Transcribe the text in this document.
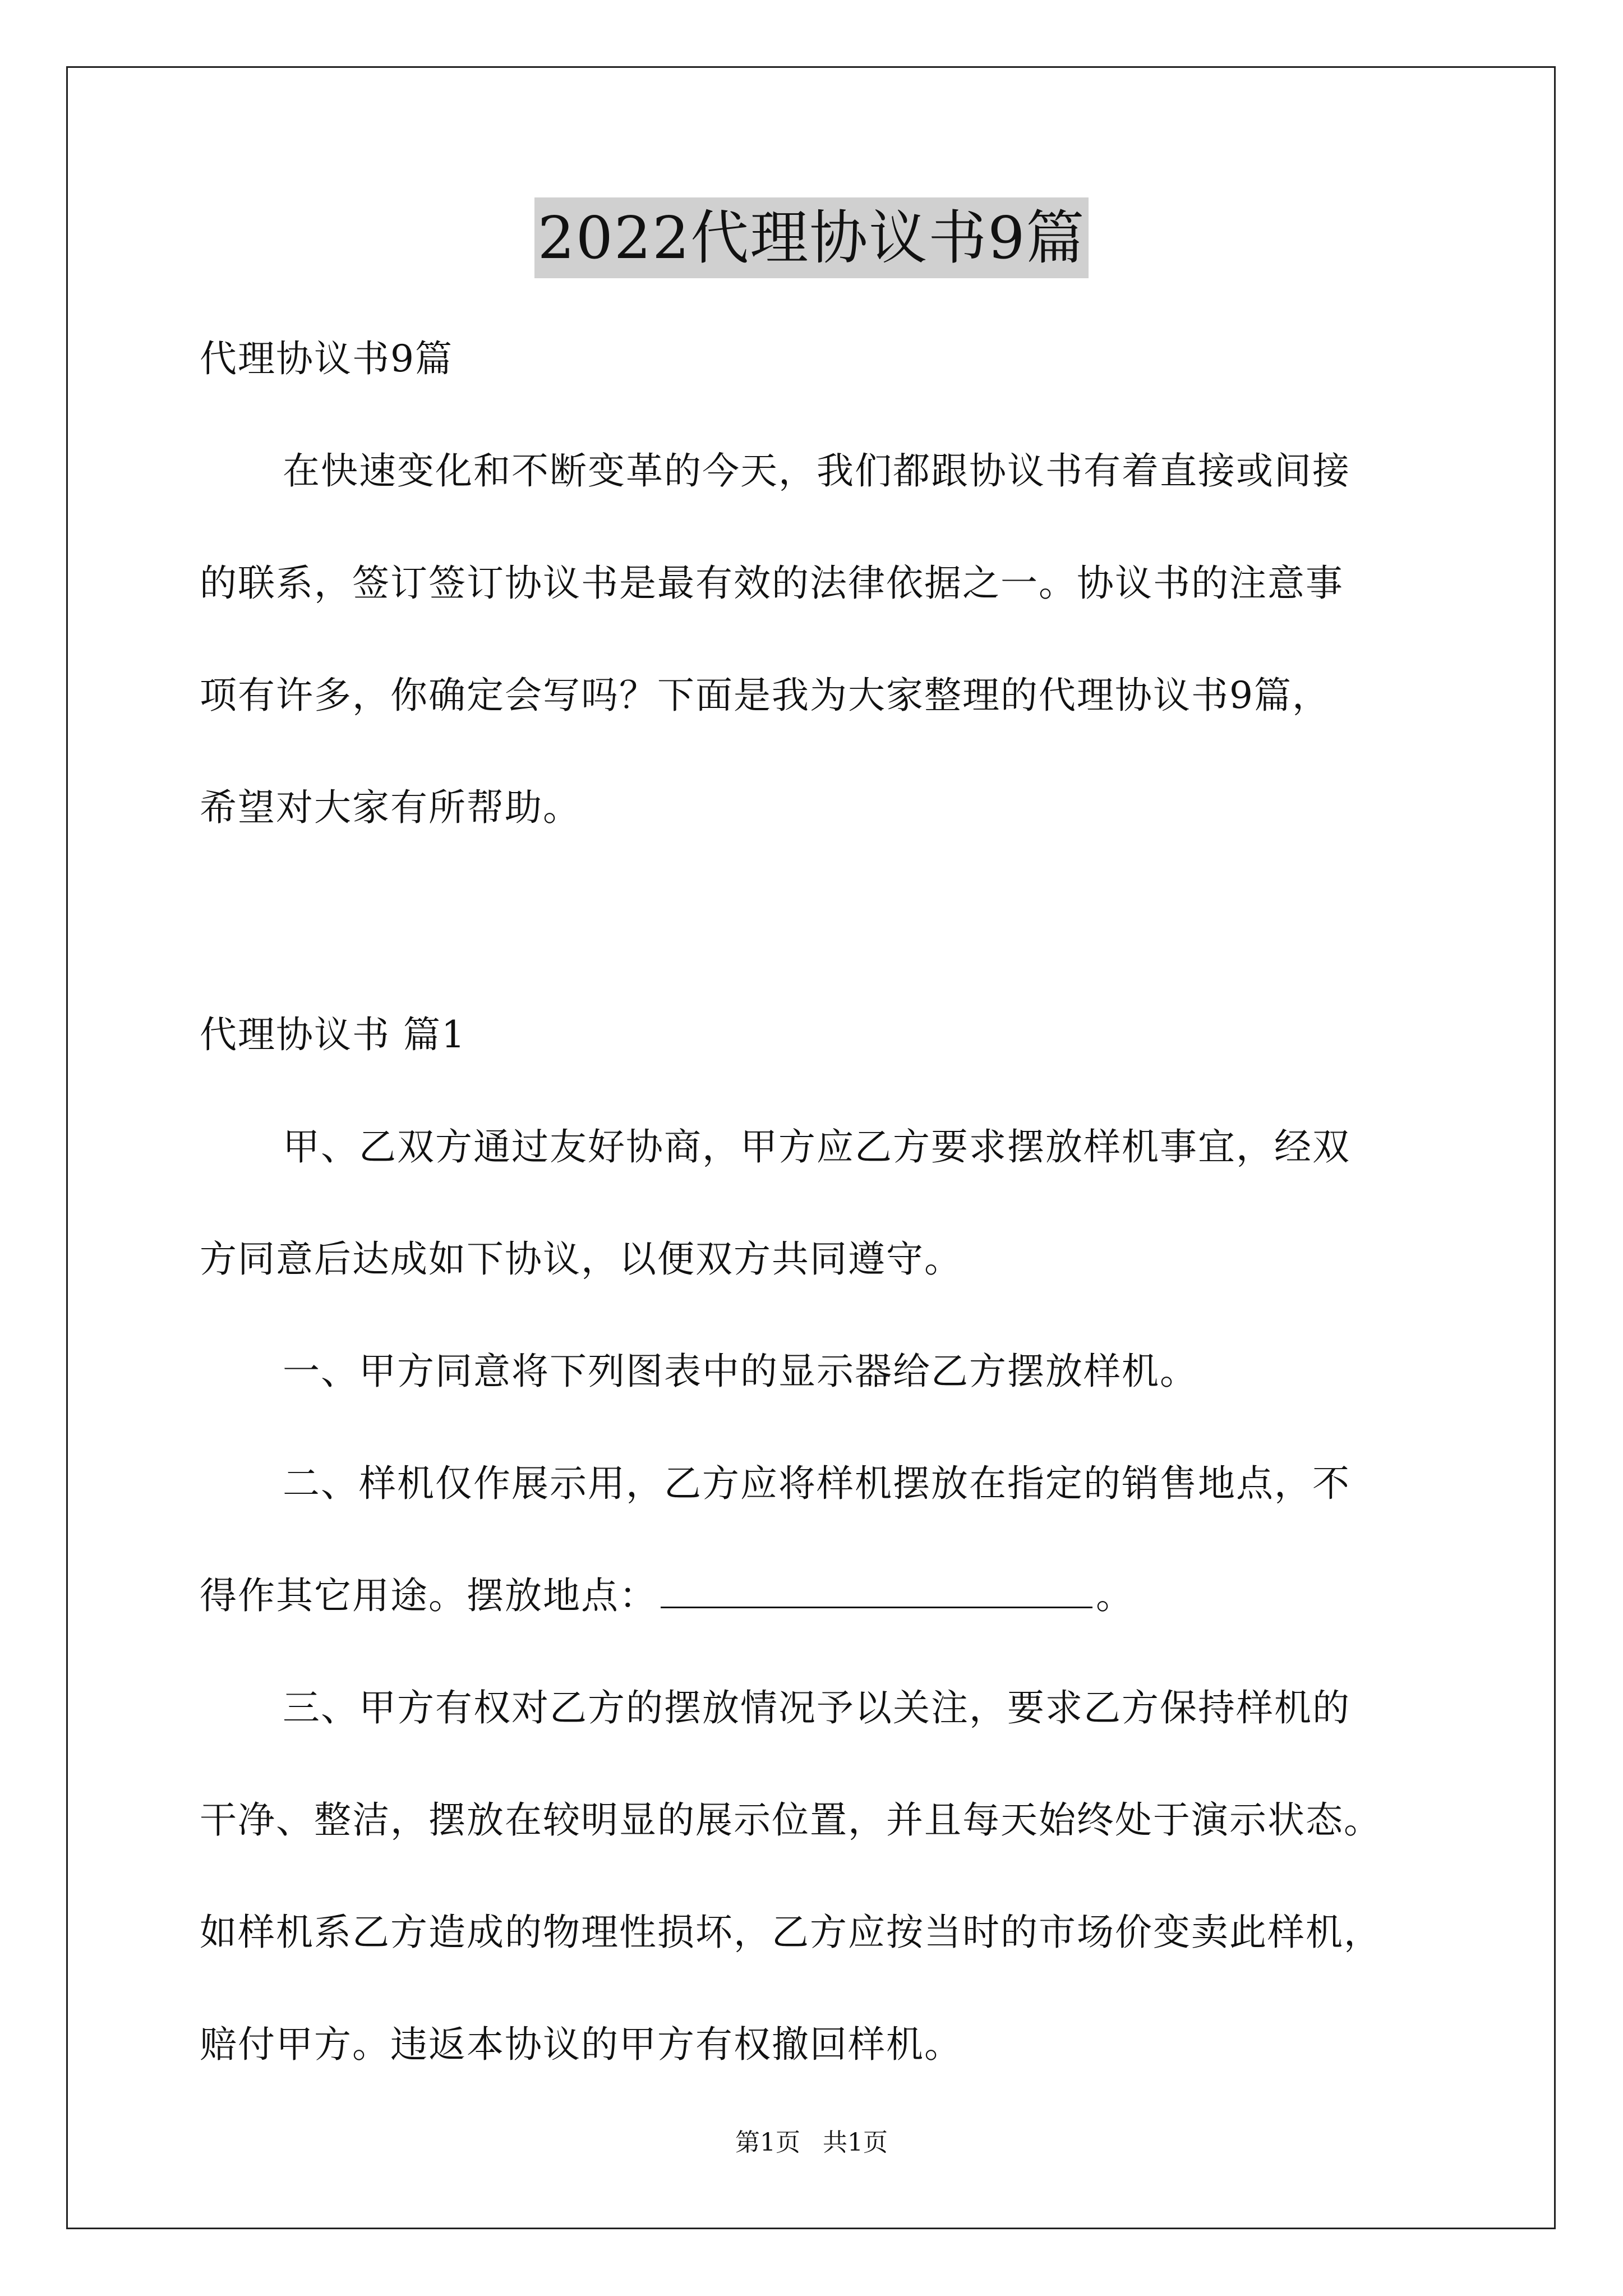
2022代理协议书9篇
代理协议书9篇
在快速变化和不断变革的今天，我们都跟协议书有着直接或间接
的联系，签订签订协议书是最有效的法律依据之一。协议书的注意事
项有许多，你确定会写吗？下面是我为大家整理的代理协议书9篇，
希望对大家有所帮助。
代理协议书 篇1
甲、乙双方通过友好协商，甲方应乙方要求摆放样机事宜，经双
方同意后达成如下协议，以便双方共同遵守。
一、甲方同意将下列图表中的显示器给乙方摆放样机。
二、样机仅作展示用，乙方应将样机摆放在指定的销售地点，不
得作其它用途。摆放地点：	。
三、甲方有权对乙方的摆放情况予以关注，要求乙方保持样机的
干净、整洁，摆放在较明显的展示位置，并且每天始终处于演示状态。
如样机系乙方造成的物理性损坏，乙方应按当时的市场价变卖此样机，
赔付甲方。违返本协议的甲方有权撤回样机。
第1页 共1页
